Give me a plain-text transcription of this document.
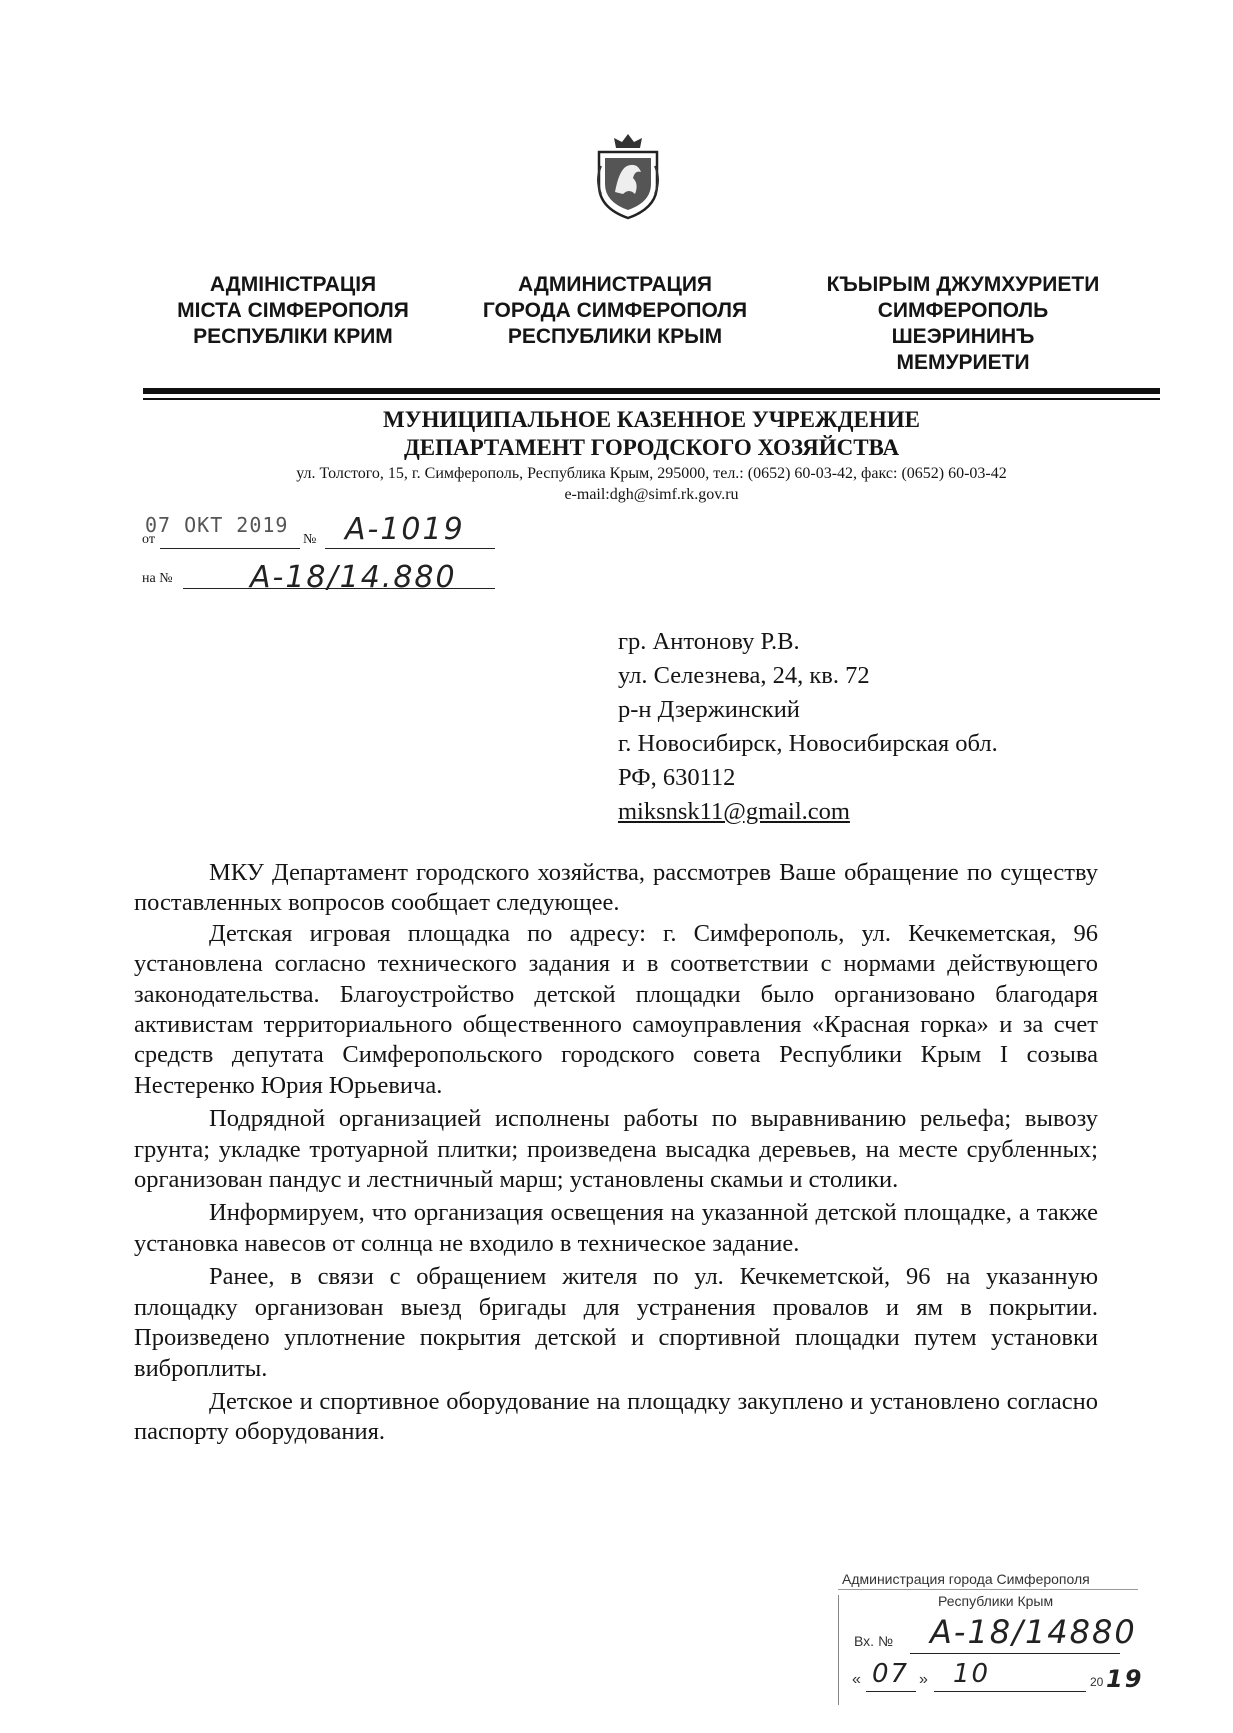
АДМІНІСТРАЦІЯ
МІСТА СІМФЕРОПОЛЯ
РЕСПУБЛІКИ КРИМ
АДМИНИСТРАЦИЯ
ГОРОДА СИМФЕРОПОЛЯ
РЕСПУБЛИКИ КРЫМ
КЪЫРЫМ ДЖУМХУРИЕТИ
СИМФЕРОПОЛЬ
ШЕЭРИНИНЪ
МЕМУРИЕТИ
МУНИЦИПАЛЬНОЕ КАЗЕННОЕ УЧРЕЖДЕНИЕ
ДЕПАРТАМЕНТ ГОРОДСКОГО ХОЗЯЙСТВА
ул. Толстого, 15, г. Симферополь, Республика Крым, 295000, тел.: (0652) 60-03-42, факс: (0652) 60-03-42
e-mail:dgh@simf.rk.gov.ru
07 ОКТ 2019
от	№ А-1019
на №	А-18/14.880
гр. Антонову Р.В.
ул. Селезнева, 24, кв. 72
р-н Дзержинский
г. Новосибирск, Новосибирская обл.
РФ, 630112
miksnsk11@gmail.com

МКУ Департамент городского хозяйства, рассмотрев Ваше обращение по существу поставленных вопросов сообщает следующее.

Детская игровая площадка по адресу: г. Симферополь, ул. Кечкеметская, 96 установлена согласно технического задания и в соответствии с нормами действующего законодательства. Благоустройство детской площадки было организовано благодаря активистам территориального общественного самоуправления «Красная горка» и за счет средств депутата Симферопольского городского совета Республики Крым I созыва Нестеренко Юрия Юрьевича.

Подрядной организацией исполнены работы по выравниванию рельефа; вывозу грунта; укладке тротуарной плитки; произведена высадка деревьев, на месте срубленных; организован пандус и лестничный марш; установлены скамьи и столики.

Информируем, что организация освещения на указанной детской площадке, а также установка навесов от солнца не входило в техническое задание.

Ранее, в связи с обращением жителя по ул. Кечкеметской, 96 на указанную площадку организован выезд бригады для устранения провалов и ям в покрытии. Произведено уплотнение покрытия детской и спортивной площадки путем установки виброплиты.

Детское и спортивное оборудование на площадку закуплено и установлено согласно паспорту оборудования.

Администрация города Симферополя
Республики Крым
Вх. № А-18/14880
« 07 » 10	20 19
